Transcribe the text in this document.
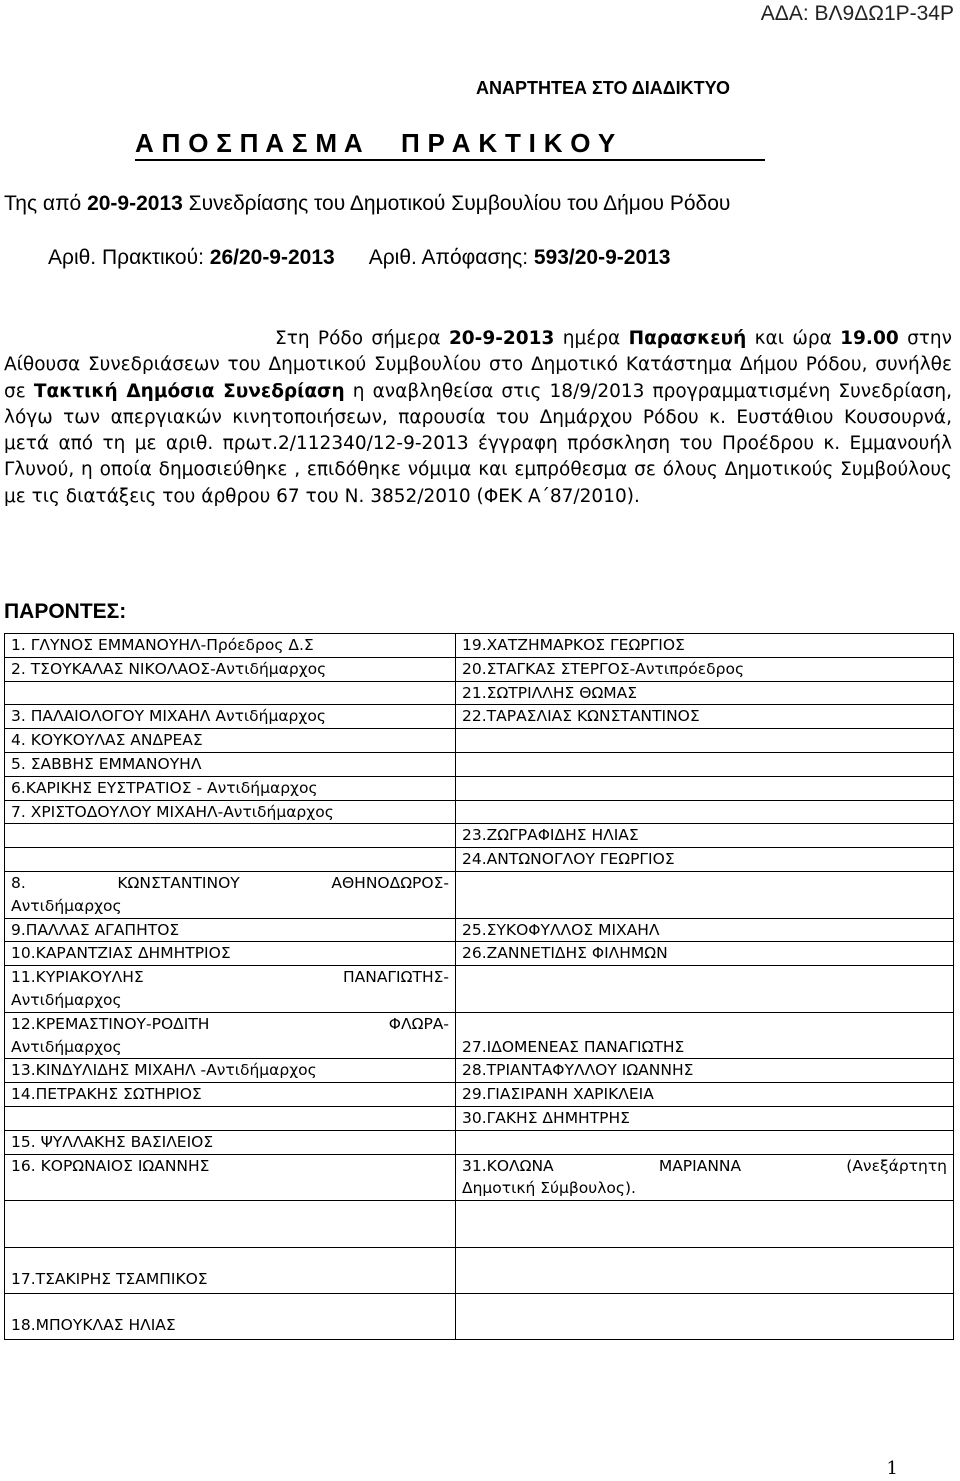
ΑΔΑ: ΒΛ9ΔΩ1Ρ-34Ρ
ΑΝΑΡΤΗΤΕΑ ΣΤΟ ΔΙΑΔΙΚΤΥΟ
Α Π Ο Σ Π Α Σ Μ Α Π Ρ Α Κ Τ Ι Κ Ο Υ
Της από 20-9-2013 Συνεδρίασης του Δημοτικού Συμβουλίου του Δήμου Ρόδου
Αριθ. Πρακτικού: 26/20-9-2013 Αριθ. Απόφασης: 593/20-9-2013
Στη Ρόδο σήμερα 20-9-2013 ημέρα Παρασκευή και ώρα 19.00 στην Αίθουσα Συνεδριάσεων του Δημοτικού Συμβουλίου στο Δημοτικό Κατάστημα Δήμου Ρόδου, συνήλθε σε Τακτική Δημόσια Συνεδρίαση η αναβληθείσα στις 18/9/2013 προγραμματισμένη Συνεδρίαση, λόγω των απεργιακών κινητοποιήσεων, παρουσία του Δημάρχου Ρόδου κ. Ευστάθιου Κουσουρνά, μετά από τη με αριθ. πρωτ.2/112340/12-9-2013 έγγραφη πρόσκληση του Προέδρου κ. Εμμανουήλ Γλυνού, η οποία δημοσιεύθηκε , επιδόθηκε νόμιμα και εμπρόθεσμα σε όλους Δημοτικούς Συμβούλους με τις διατάξεις του άρθρου 67 του Ν. 3852/2010 (ΦΕΚ Α΄87/2010).
ΠΑΡΟΝΤΕΣ:
1. ΓΛΥΝΟΣ ΕΜΜΑΝΟΥΗΛ-Πρόεδρος Δ.Σ	19.ΧΑΤΖΗΜΑΡΚΟΣ ΓΕΩΡΓΙΟΣ
2. ΤΣΟΥΚΑΛΑΣ ΝΙΚΟΛΑΟΣ-Αντιδήμαρχος	20.ΣΤΑΓΚΑΣ ΣΤΕΡΓΟΣ-Αντιπρόεδρος
	21.ΣΩΤΡΙΛΛΗΣ ΘΩΜΑΣ
3. ΠΑΛΑΙΟΛΟΓΟΥ ΜΙΧΑΗΛ Αντιδήμαρχος	22.ΤΑΡΑΣΛΙΑΣ ΚΩΝΣΤΑΝΤΙΝΟΣ
4. ΚΟΥΚΟΥΛΑΣ ΑΝΔΡΕΑΣ	
5. ΣΑΒΒΗΣ ΕΜΜΑΝΟΥΗΛ	
6.ΚΑΡΙΚΗΣ ΕΥΣΤΡΑΤΙΟΣ - Αντιδήμαρχος	
7. ΧΡΙΣΤΟΔΟΥΛΟΥ ΜΙΧΑΗΛ-Αντιδήμαρχος	
	23.ΖΩΓΡΑΦΙΔΗΣ ΗΛΙΑΣ
	24.ΑΝΤΩΝΟΓΛΟΥ ΓΕΩΡΓΙΟΣ

8. ΚΩΝΣΤΑΝΤΙΝΟΥ ΑΘΗΝΟΔΩΡΟΣ-
Αντιδήμαρχος	

9.ΠΑΛΛΑΣ ΑΓΑΠΗΤΟΣ	25.ΣΥΚΟΦΥΛΛΟΣ ΜΙΧΑΗΛ
10.ΚΑΡΑΝΤΖΙΑΣ ΔΗΜΗΤΡΙΟΣ	26.ΖΑΝΝΕΤΙΔΗΣ ΦΙΛΗΜΩΝ

11.ΚΥΡΙΑΚΟΥΛΗΣ ΠΑΝΑΓΙΩΤΗΣ-
Αντιδήμαρχος	

12.ΚΡΕΜΑΣΤΙΝΟΥ-ΡΟΔΙΤΗ ΦΛΩΡΑ-
Αντιδήμαρχος	27.ΙΔΟΜΕΝΕΑΣ ΠΑΝΑΓΙΩΤΗΣ
13.ΚΙΝΔΥΛΙΔΗΣ ΜΙΧΑΗΛ -Αντιδήμαρχος	28.ΤΡΙΑΝΤΑΦΥΛΛΟΥ ΙΩΑΝΝΗΣ
14.ΠΕΤΡΑΚΗΣ ΣΩΤΗΡΙΟΣ	29.ΓΙΑΣΙΡΑΝΗ ΧΑΡΙΚΛΕΙΑ
	30.ΓΑΚΗΣ ΔΗΜΗΤΡΗΣ
15. ΨΥΛΛΑΚΗΣ ΒΑΣΙΛΕΙΟΣ	
16. ΚΟΡΩΝΑΙΟΣ ΙΩΑΝΝΗΣ	31.ΚΟΛΩΝΑ ΜΑΡΙΑΝΝΑ (Ανεξάρτητη
Δημοτική Σύμβουλος).

17.ΤΣΑΚΙΡΗΣ ΤΣΑΜΠΙΚΟΣ	
18.ΜΠΟΥΚΛΑΣ ΗΛΙΑΣ	
1
